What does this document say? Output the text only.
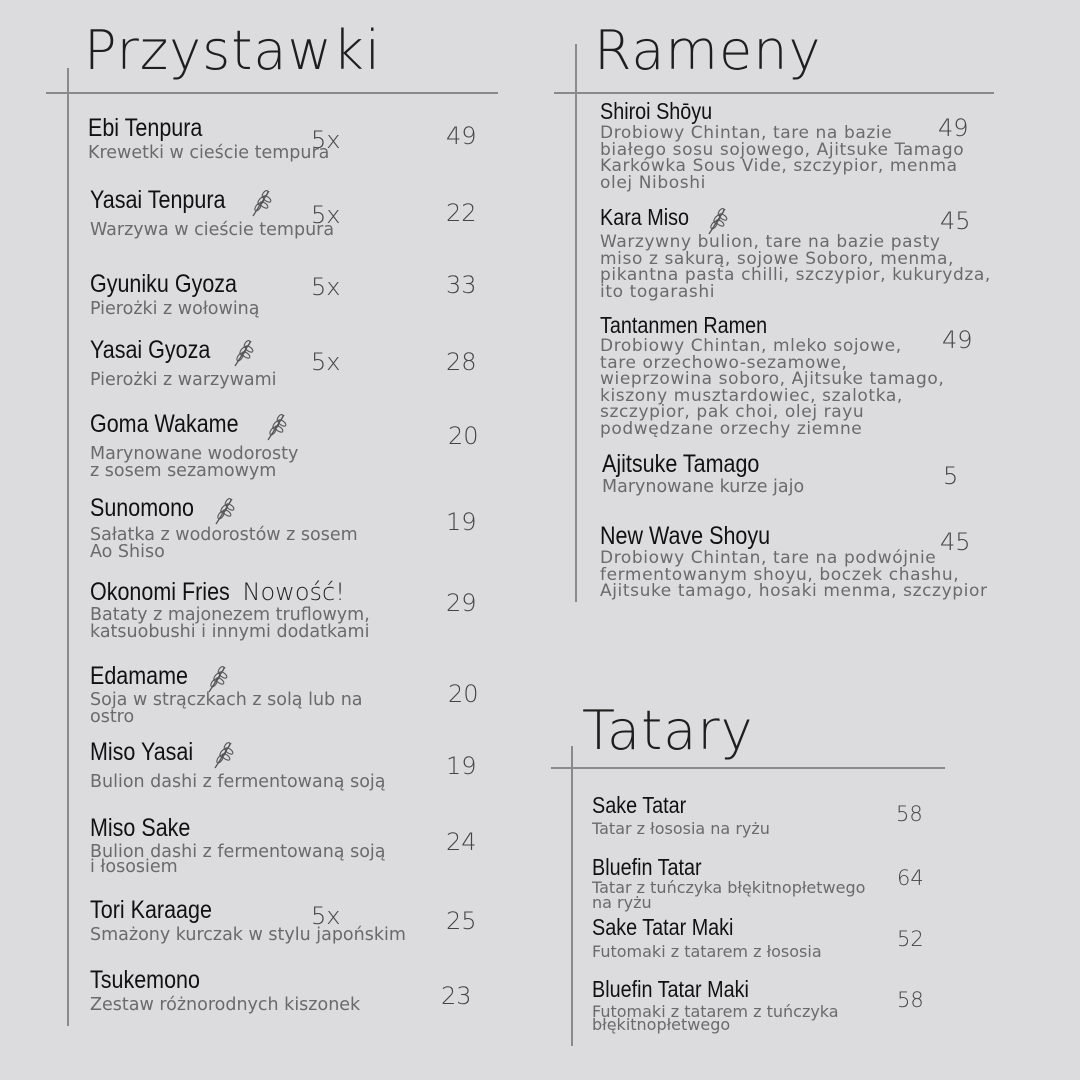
Przystawki
Ebi Tenpura
Krewetki w cieście tempura
5x	49
Yasai Tenpura
Warzywa w cieście tempura
5x	22
Gyuniku Gyoza
Pierożki z wołowiną
5x	33
Yasai Gyoza
Pierożki z warzywami
5x	28
Goma Wakame
Marynowane wodorosty
z sosem sezamowym
20
Sunomono
Sałatka z wodorostów z sosem
Ao Shiso
19
Okonomi Fries Nowość!
Bataty z majonezem truflowym,
katsuobushi i innymi dodatkami
29
Edamame
Soja w strączkach z solą lub na
ostro
20
Miso Yasai
Bulion dashi z fermentowaną soją
19
Miso Sake
Bulion dashi z fermentowaną soją
i łososiem
24
Tori Karaage
Smażony kurczak w stylu japońskim
5x	25
Tsukemono
Zestaw różnorodnych kiszonek	23
Rameny
Shiroi Shōyu
Drobiowy Chintan, tare na bazie
białego sosu sojowego, Ajitsuke Tamago
Karkówka Sous Vide, szczypior, menma
olej Niboshi
49
Kara Miso
Warzywny bulion, tare na bazie pasty
miso z sakurą, sojowe Soboro, menma,
pikantna pasta chilli, szczypior, kukurydza,
ito togarashi
45
Tantanmen Ramen
Drobiowy Chintan, mleko sojowe,
tare orzechowo-sezamowe,
wieprzowina soboro, Ajitsuke tamago,
kiszony musztardowiec, szalotka,
szczypior, pak choi, olej rayu
podwędzane orzechy ziemne
49
Ajitsuke Tamago
Marynowane kurze jajo	5
New Wave Shoyu
Drobiowy Chintan, tare na podwójnie
fermentowanym shoyu, boczek chashu,
Ajitsuke tamago, hosaki menma, szczypior
45
Tatary
Sake Tatar
Tatar z łososia na ryżu
58
Bluefin Tatar
Tatar z tuńczyka błękitnopłetwego
na ryżu
64
Sake Tatar Maki
Futomaki z tatarem z łososia
52
Bluefin Tatar Maki
Futomaki z tatarem z tuńczyka
błękitnopłetwego
58
